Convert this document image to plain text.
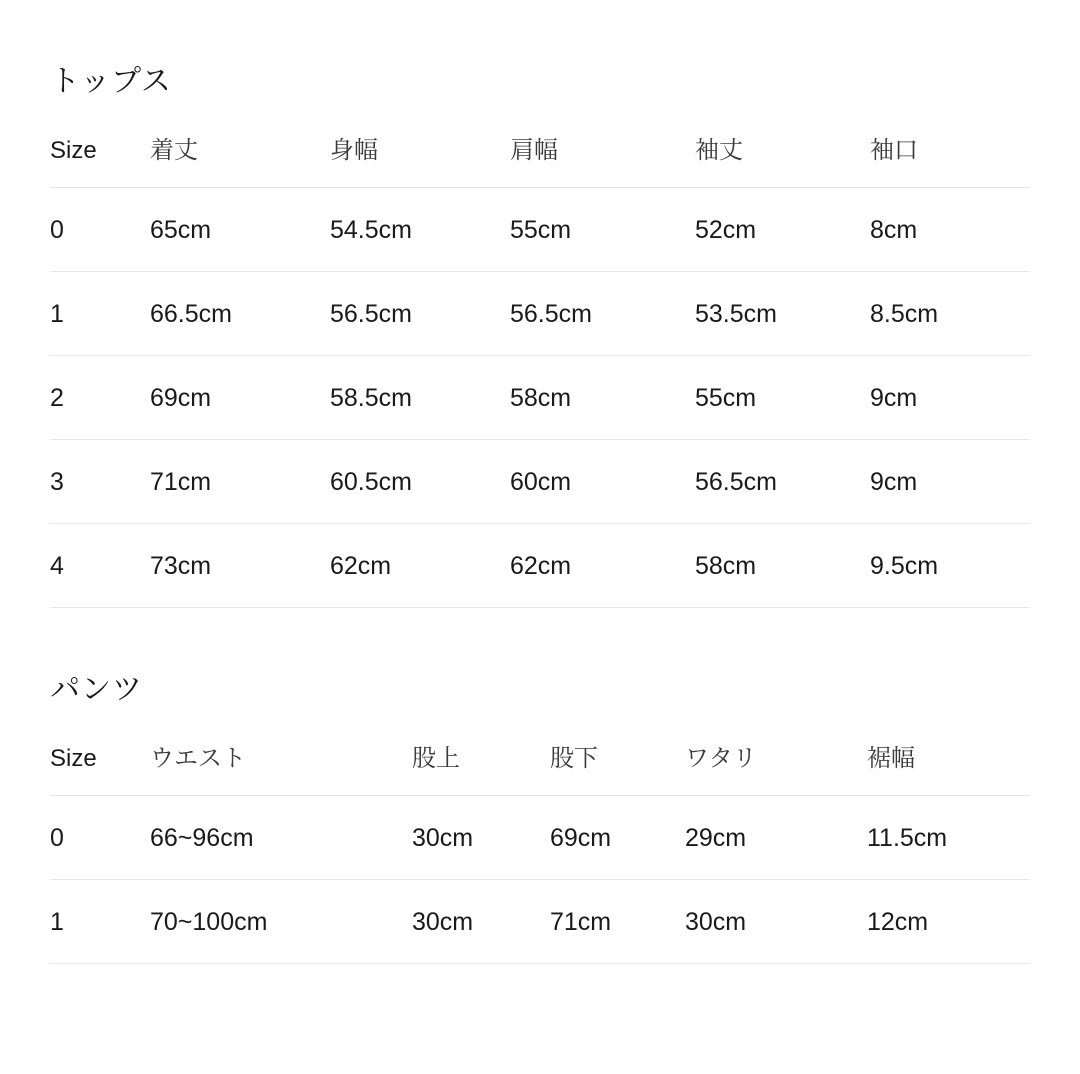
トップス
Size	着丈	身幅	肩幅	袖丈	袖口
0	65cm	54.5cm	55cm	52cm	8cm
1	66.5cm	56.5cm	56.5cm	53.5cm	8.5cm
2	69cm	58.5cm	58cm	55cm	9cm
3	71cm	60.5cm	60cm	56.5cm	9cm
4	73cm	62cm	62cm	58cm	9.5cm
パンツ
Size	ウエスト	股上	股下	ワタリ	裾幅
0	66~96cm	30cm	69cm	29cm	11.5cm
1	70~100cm	30cm	71cm	30cm	12cm
